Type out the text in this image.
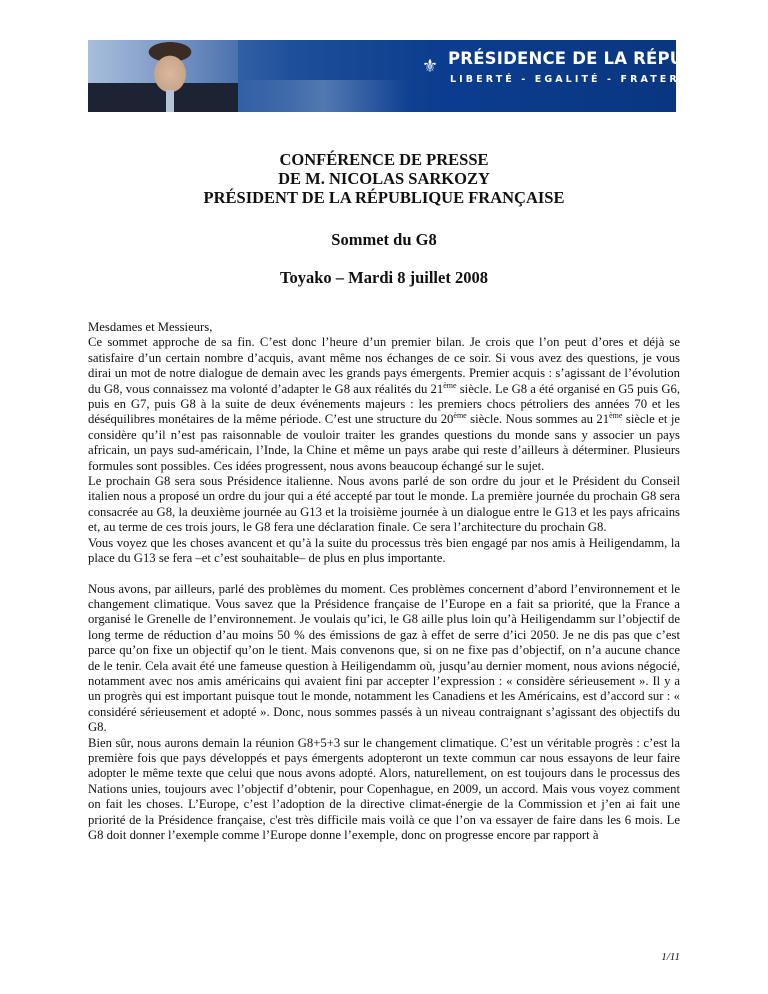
⚜ PRÉSIDENCE DE LA RÉPUBLIQUE
LIBERTÉ - EGALITÉ - FRATERNITÉ
CONFÉRENCE DE PRESSE
DE M. NICOLAS SARKOZY
PRÉSIDENT DE LA RÉPUBLIQUE FRANÇAISE
Sommet du G8
Toyako – Mardi 8 juillet 2008

Mesdames et Messieurs,

Ce sommet approche de sa fin. C’est donc l’heure d’un premier bilan. Je crois que l’on peut d’ores et déjà se satisfaire d’un certain nombre d’acquis, avant même nos échanges de ce soir. Si vous avez des questions, je vous dirai un mot de notre dialogue de demain avec les grands pays émergents. Premier acquis : s’agissant de l’évolution du G8, vous connaissez ma volonté d’adapter le G8 aux réalités du 21ème siècle. Le G8 a été organisé en G5 puis G6, puis en G7, puis G8 à la suite de deux événements majeurs : les premiers chocs pétroliers des années 70 et les déséquilibres monétaires de la même période. C’est une structure du 20ème siècle. Nous sommes au 21ème siècle et je considère qu’il n’est pas raisonnable de vouloir traiter les grandes questions du monde sans y associer un pays africain, un pays sud-américain, l’Inde, la Chine et même un pays arabe qui reste d’ailleurs à déterminer. Plusieurs formules sont possibles. Ces idées progressent, nous avons beaucoup échangé sur le sujet.

Le prochain G8 sera sous Présidence italienne. Nous avons parlé de son ordre du jour et le Président du Conseil italien nous a proposé un ordre du jour qui a été accepté par tout le monde. La première journée du prochain G8 sera consacrée au G8, la deuxième journée au G13 et la troisième journée à un dialogue entre le G13 et les pays africains et, au terme de ces trois jours, le G8 fera une déclaration finale. Ce sera l’architecture du prochain G8.

Vous voyez que les choses avancent et qu’à la suite du processus très bien engagé par nos amis à Heiligendamm, la place du G13 se fera –et c’est souhaitable– de plus en plus importante.

Nous avons, par ailleurs, parlé des problèmes du moment. Ces problèmes concernent d’abord l’environnement et le changement climatique. Vous savez que la Présidence française de l’Europe en a fait sa priorité, que la France a organisé le Grenelle de l’environnement. Je voulais qu’ici, le G8 aille plus loin qu’à Heiligendamm sur l’objectif de long terme de réduction d’au moins 50 % des émissions de gaz à effet de serre d’ici 2050. Je ne dis pas que c’est parce qu’on fixe un objectif qu’on le tient. Mais convenons que, si on ne fixe pas d’objectif, on n’a aucune chance de le tenir. Cela avait été une fameuse question à Heiligendamm où, jusqu’au dernier moment, nous avions négocié, notamment avec nos amis américains qui avaient fini par accepter l’expression : « considère sérieusement ». Il y a un progrès qui est important puisque tout le monde, notamment les Canadiens et les Américains, est d’accord sur : « considéré sérieusement et adopté ». Donc, nous sommes passés à un niveau contraignant s’agissant des objectifs du G8.

Bien sûr, nous aurons demain la réunion G8+5+3 sur le changement climatique. C’est un véritable progrès : c’est la première fois que pays développés et pays émergents adopteront un texte commun car nous essayons de leur faire adopter le même texte que celui que nous avons adopté. Alors, naturellement, on est toujours dans le processus des Nations unies, toujours avec l’objectif d’obtenir, pour Copenhague, en 2009, un accord. Mais vous voyez comment on fait les choses. L’Europe, c’est l’adoption de la directive climat-énergie de la Commission et j’en ai fait une priorité de la Présidence française, c'est très difficile mais voilà ce que l’on va essayer de faire dans les 6 mois. Le G8 doit donner l’exemple comme l’Europe donne l’exemple, donc on progresse encore par rapport à

1/11
